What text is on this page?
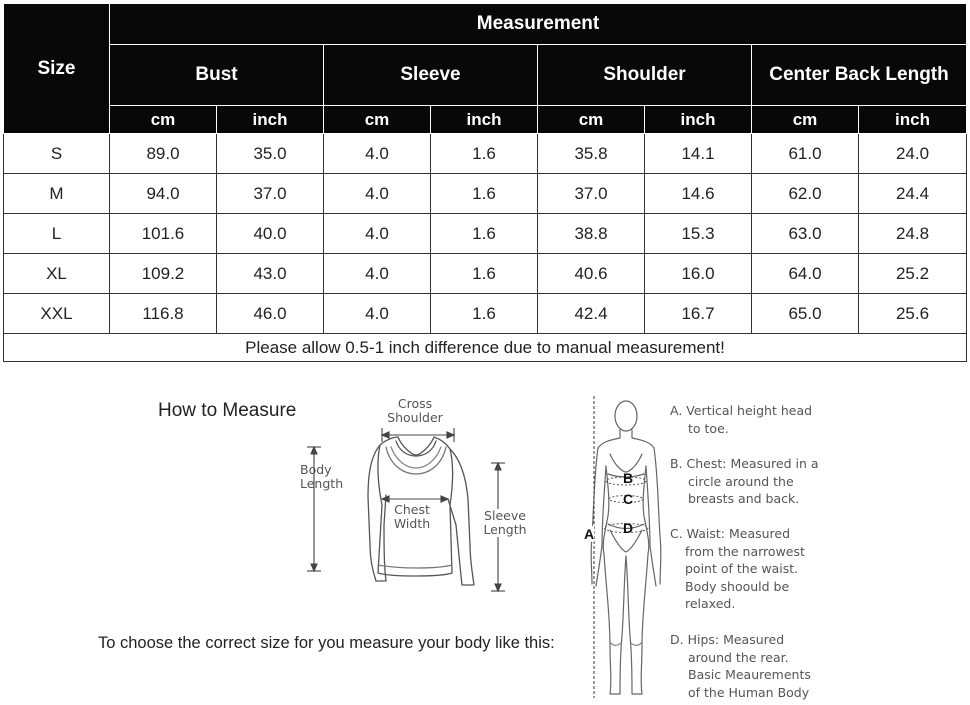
Size	Measurement							
	Bust		Sleeve		Shoulder		Center Back Length	
	cm	inch	cm	inch	cm	inch	cm	inch
S	89.0	35.0	4.0	1.6	35.8	14.1	61.0	24.0
M	94.0	37.0	4.0	1.6	37.0	14.6	62.0	24.4
L	101.6	40.0	4.0	1.6	38.8	15.3	63.0	24.8
XL	109.2	43.0	4.0	1.6	40.6	16.0	64.0	25.2
XXL	116.8	46.0	4.0	1.6	42.4	16.7	65.0	25.6
Please allow 0.5-1 inch difference due to manual measurement!								
How to Measure
To choose the correct size for you measure your body like this:
Cross
Shoulder
Body
Length
Chest
Width
Sleeve
Length	A
B
C
D
A. Vertical height head
to toe.
B. Chest: Measured in a
circle around the
breasts and back.
C. Waist: Measured
from the narrowest
point of the waist.
Body shoould be
relaxed.
D. Hips: Measured
around the rear.
Basic Meaurements
of the Human Body
